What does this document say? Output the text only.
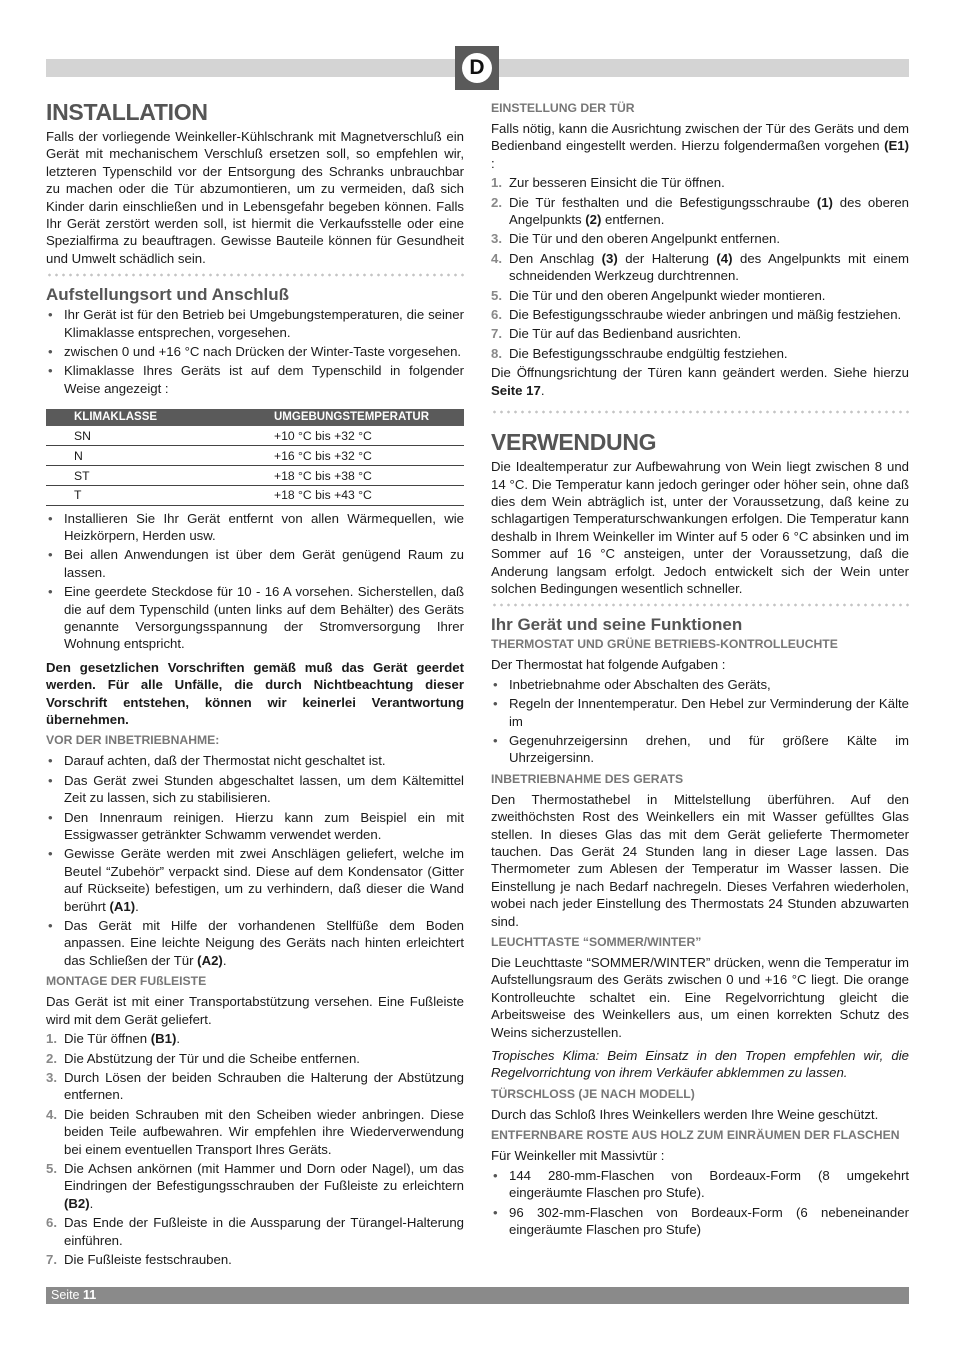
D
INSTALLATION

Falls der vorliegende Weinkeller-Kühlschrank mit Magnetverschluß ein Gerät mit mechanischem Verschluß ersetzen soll, so empfehlen wir, letzteren Typenschild vor der Entsorgung des Schranks unbrauchbar zu machen oder die Tür abzumontieren, um zu vermeiden, daß sich Kinder darin einschließen und in Lebensgefahr begeben können. Falls Ihr Gerät zerstört werden soll, ist hiermit die Verkaufsstelle oder eine Spezialfirma zu beauftragen. Gewisse Bauteile können für Gesundheit und Umwelt schädlich sein.

Aufstellungsort und Anschluß
• Ihr Gerät ist für den Betrieb bei Umgebungstemperaturen, die seiner Klimaklasse entsprechen, vorgesehen.
• zwischen 0 und +16 °C nach Drücken der Winter-Taste vorgesehen.
• Klimaklasse Ihres Geräts ist auf dem Typenschild in folgender Weise angezeigt :
KLIMAKLASSE	UMGEBUNGSTEMPERATUR
SN	+10 °C bis +32 °C
N	+16 °C bis +32 °C
ST	+18 °C bis +38 °C
T	+18 °C bis +43 °C
• Installieren Sie Ihr Gerät entfernt von allen Wärmequellen, wie Heizkörpern, Herden usw.
• Bei allen Anwendungen ist über dem Gerät genügend Raum zu lassen.
• Eine geerdete Steckdose für 10 - 16 A vorsehen. Sicherstellen, daß die auf dem Typenschild (unten links auf dem Behälter) des Geräts genannte Versorgungsspannung der Stromversorgung Ihrer Wohnung entspricht.

Den gesetzlichen Vorschriften gemäß muß das Gerät geerdet werden. Für alle Unfälle, die durch Nichtbeachtung dieser Vorschrift entstehen, können wir keinerlei Verantwortung übernehmen.

VOR DER INBETRIEBNAHME:
• Darauf achten, daß der Thermostat nicht geschaltet ist.
• Das Gerät zwei Stunden abgeschaltet lassen, um dem Kältemittel Zeit zu lassen, sich zu stabilisieren.
• Den Innenraum reinigen. Hierzu kann zum Beispiel ein mit Essigwasser getränkter Schwamm verwendet werden.
• Gewisse Geräte werden mit zwei Anschlägen geliefert, welche im Beutel “Zubehör” verpackt sind. Diese auf dem Kondensator (Gitter auf Rückseite) befestigen, um zu verhindern, daß dieser die Wand berührt (A1).
• Das Gerät mit Hilfe der vorhandenen Stellfüße dem Boden anpassen. Eine leichte Neigung des Geräts nach hinten erleichtert das Schließen der Tür (A2).
MONTAGE DER FUßLEISTE

Das Gerät ist mit einer Transportabstützung versehen. Eine Fußleiste wird mit dem Gerät geliefert.

1. Die Tür öffnen (B1).
2. Die Abstützung der Tür und die Scheibe entfernen.
3. Durch Lösen der beiden Schrauben die Halterung der Abstützung entfernen.
4. Die beiden Schrauben mit den Scheiben wieder anbringen. Diese beiden Teile aufbewahren. Wir empfehlen ihre Wiederverwendung bei einem eventuellen Transport Ihres Geräts.
5. Die Achsen ankörnen (mit Hammer und Dorn oder Nagel), um das Eindringen der Befestigungsschrauben der Fußleiste zu erleichtern (B2).
6. Das Ende der Fußleiste in die Aussparung der Türangel-Halterung einführen.
7. Die Fußleiste festschrauben.
EINSTELLUNG DER TÜR

Falls nötig, kann die Ausrichtung zwischen der Tür des Geräts und dem Bedienband eingestellt werden. Hierzu folgendermaßen vorgehen (E1) :

1. Zur besseren Einsicht die Tür öffnen.
2. Die Tür festhalten und die Befestigungsschraube (1) des oberen Angelpunkts (2) entfernen.
3. Die Tür und den oberen Angelpunkt entfernen.
4. Den Anschlag (3) der Halterung (4) des Angelpunkts mit einem schneidenden Werkzeug durchtrennen.
5. Die Tür und den oberen Angelpunkt wieder montieren.
6. Die Befestigungsschraube wieder anbringen und mäßig festziehen.
7. Die Tür auf das Bedienband ausrichten.
8. Die Befestigungsschraube endgültig festziehen.

Die Öffnungsrichtung der Türen kann geändert werden. Siehe hierzu Seite 17.

VERWENDUNG

Die Idealtemperatur zur Aufbewahrung von Wein liegt zwischen 8 und 14 °C. Die Temperatur kann jedoch geringer oder höher sein, ohne daß dies dem Wein abträglich ist, unter der Voraussetzung, daß keine zu schlagartigen Temperaturschwankungen erfolgen. Die Temperatur kann deshalb in Ihrem Weinkeller im Winter auf 5 oder 6 °C absinken und im Sommer auf 16 °C ansteigen, unter der Voraussetzung, daß die Anderung langsam erfolgt. Jedoch entwickelt sich der Wein unter solchen Bedingungen wesentlich schneller.

Ihr Gerät und seine Funktionen
THERMOSTAT UND GRÜNE BETRIEBS-KONTROLLEUCHTE

Der Thermostat hat folgende Aufgaben :

• Inbetriebnahme oder Abschalten des Geräts,
• Regeln der Innentemperatur. Den Hebel zur Verminderung der Kälte im
• Gegenuhrzeigersinn drehen, und für größere Kälte im Uhrzeigersinn.
INBETRIEBNAHME DES GERATS

Den Thermostathebel in Mittelstellung überführen. Auf den zweithöchsten Rost des Weinkellers ein mit Wasser gefülltes Glas stellen. In dieses Glas das mit dem Gerät gelieferte Thermometer tauchen. Das Gerät 24 Stunden lang in dieser Lage lassen. Das Thermometer zum Ablesen der Temperatur im Wasser lassen. Die Einstellung je nach Bedarf nachregeln. Dieses Verfahren wiederholen, wobei nach jeder Einstellung des Thermostats 24 Stunden abzuwarten sind.

LEUCHTTASTE “SOMMER/WINTER”

Die Leuchttaste “SOMMER/WINTER” drücken, wenn die Temperatur im Aufstellungsraum des Geräts zwischen 0 und +16 °C liegt. Die orange Kontrolleuchte schaltet ein. Eine Regelvorrichtung gleicht die Arbeitsweise des Weinkellers aus, um einen korrekten Schutz des Weins sicherzustellen.

Tropisches Klima: Beim Einsatz in den Tropen empfehlen wir, die Regelvorrichtung von ihrem Verkäufer abklemmen zu lassen.

TÜRSCHLOSS (JE NACH MODELL)

Durch das Schloß Ihres Weinkellers werden Ihre Weine geschützt.

ENTFERNBARE ROSTE AUS HOLZ ZUM EINRÄUMEN DER FLASCHEN

Für Weinkeller mit Massivtür :

• 144 280-mm-Flaschen von Bordeaux-Form (8 umgekehrt eingeräumte Flaschen pro Stufe).
• 96 302-mm-Flaschen von Bordeaux-Form (6 nebeneinander eingeräumte Flaschen pro Stufe)
Seite 11
